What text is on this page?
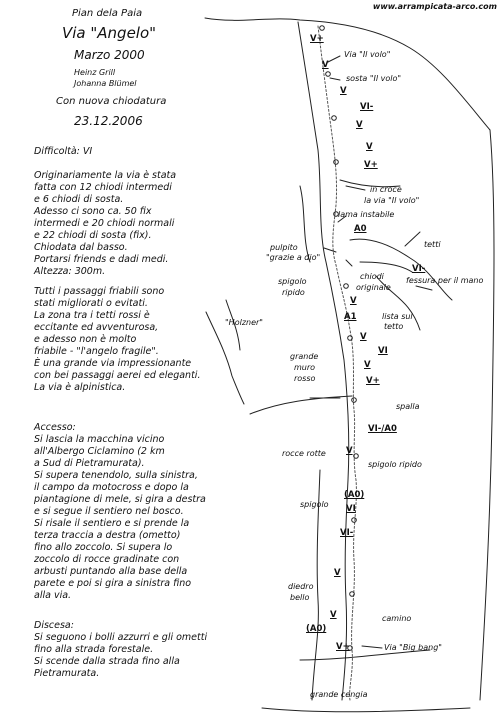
www.arrampicata-arco.com
Pian dela Paia
Via "Angelo"
Marzo 2000
Heinz Grill
Johanna Blümel
Con nuova chiodatura
23.12.2006
Difficoltà: VI

Originariamente la via è stata

fatta con 12 chiodi intermedi

e 6 chiodi di sosta.

Adesso ci sono ca. 50 fix

intermedi e 20 chiodi normali

e 22 chiodi di sosta (fix).

Chiodata dal basso.

Portarsi friends e dadi medi.

Altezza: 300m.

Tutti i passaggi friabili sono

stati migliorati o evitati.

La zona tra i tetti rossi è

eccitante ed avventurosa,

e adesso non è molto

friabile - "l'angelo fragile".

È una grande via impressionante

con bei passaggi aerei ed eleganti.

La via è alpinistica.

Accesso:

Si lascia la macchina vicino

all'Albergo Ciclamino (2 km

a Sud di Pietramurata).

Si supera tenendolo, sulla sinistra,

il campo da motocross e dopo la

piantagione di mele, si gira a destra

e si segue il sentiero nel bosco.

Si risale il sentiero e si prende la

terza traccia a destra (ometto)

fino allo zoccolo. Si supera lo

zoccolo di rocce gradinate con

arbusti puntando alla base della

parete e poi si gira a sinistra fino

alla via.

Discesa:

Si seguono i bolli azzurri e gli ometti

fino alla strada forestale.

Si scende dalla strada fino alla

Pietramurata.

Via "Il volo"
sosta "Il volo"
in croce
la via "Il volo"
lama instabile
tetti
pulpito
"grazie a dio"
chiodi
originale
fessura per il mano
spigolo
ripido
lista sul
tetto
"Holzner"
grande
muro
rosso
spalla
rocce rotte
spigolo ripido
spigolo
diedro
bello
camino
Via "Big bang"
grande cengia
V+
V
V
VI-
V
V
V+
A0
VI-
V
A1
V
VI
V
V+
VI-/A0
V
(A0)
VI
VI-
V
V
(A0)
V+
